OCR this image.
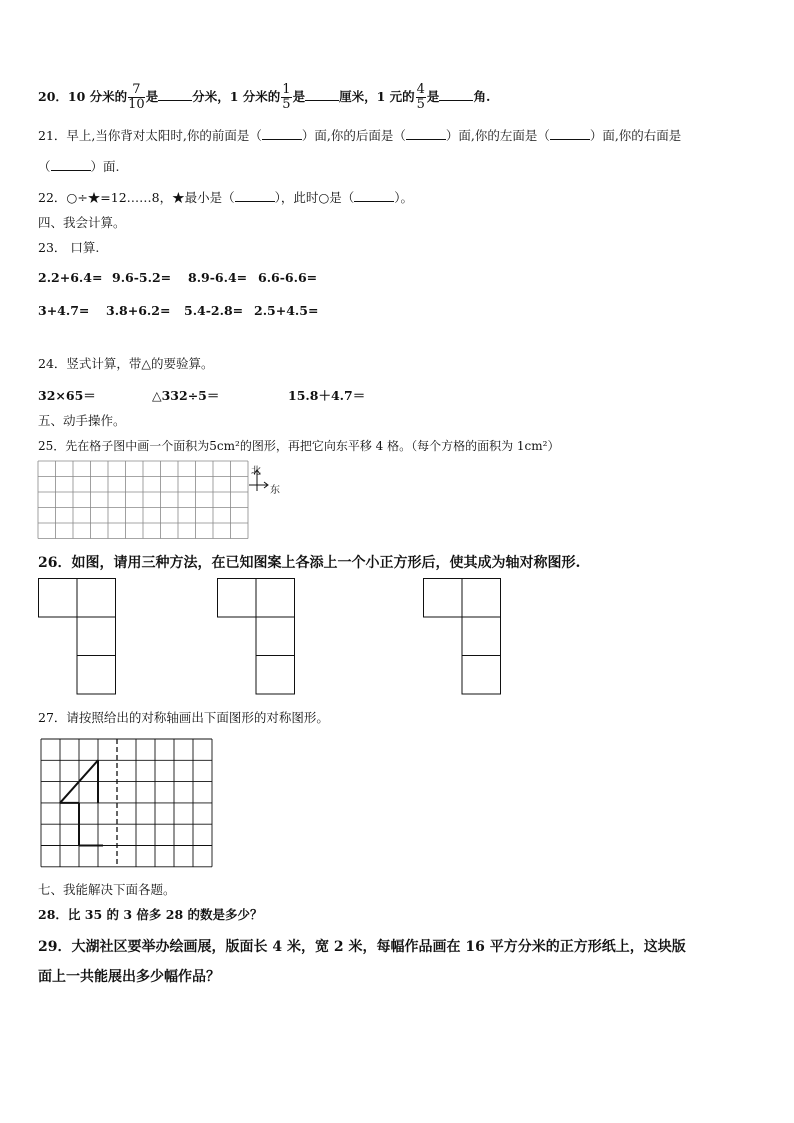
20．10 分米的 $\frac{7}{10}$ 是	分米，1 分米的 $\frac{1}{5}$ 是	厘米，1 元的 $\frac{4}{5}$ 是	角.
21．早上,当你背对太阳时,你的前面是（	）面,你的后面是（	）面,你的左面是（	）面,你的右面是
（	）面.
22．○÷★=12……8，★最小是（	），此时○是（	）。
四、我会计算。
23． 口算.
2.2+6.4= 9.6-5.2= 8.9-6.4= 6.6-6.6=
3+4.7= 3.8+6.2= 5.4-2.8= 2.5+4.5=
24．竖式计算，带△的要验算。
32×65＝	△332÷5＝	15.8＋4.7＝
五、动手操作。
25．先在格子图中画一个面积为5cm²的图形，再把它向东平移 4 格。（每个方格的面积为 1cm²）
北
东
26．如图，请用三种方法，在已知图案上各添上一个小正方形后，使其成为轴对称图形.
27．请按照给出的对称轴画出下面图形的对称图形。
七、我能解决下面各题。
28．比 35 的 3 倍多 28 的数是多少？
29．大湖社区要举办绘画展，版面长 4 米，宽 2 米，每幅作品画在 16 平方分米的正方形纸上，这块版
面上一共能展出多少幅作品？
